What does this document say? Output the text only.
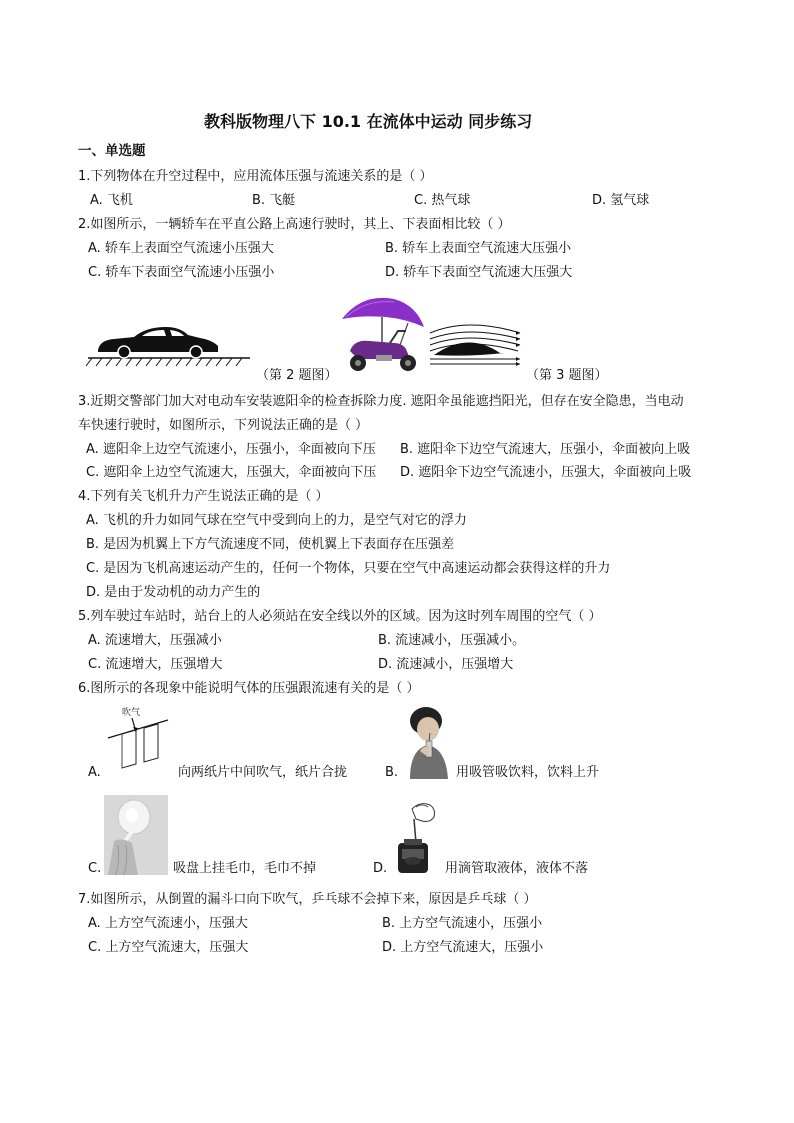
教科版物理八下 10.1 在流体中运动 同步练习
一、单选题
1.下列物体在升空过程中，应用流体压强与流速关系的是（ ）
A. 飞机	B. 飞艇	C. 热气球	D. 氢气球
2.如图所示，一辆轿车在平直公路上高速行驶时，其上、下表面相比较（ ）
A. 轿车上表面空气流速小压强大	B. 轿车上表面空气流速大压强小
C. 轿车下表面空气流速小压强小	D. 轿车下表面空气流速大压强大
（第 2 题图）	（第 3 题图）
3.近期交警部门加大对电动车安装遮阳伞的检查拆除力度. 遮阳伞虽能遮挡阳光，但存在安全隐患，当电动
车快速行驶时，如图所示，下列说法正确的是（ ）
A. 遮阳伞上边空气流速小，压强小，伞面被向下压 B. 遮阳伞下边空气流速大，压强小，伞面被向上吸
C. 遮阳伞上边空气流速大，压强大，伞面被向下压 D. 遮阳伞下边空气流速小，压强大，伞面被向上吸
4.下列有关飞机升力产生说法正确的是（ ）
A. 飞机的升力如同气球在空气中受到向上的力，是空气对它的浮力
B. 是因为机翼上下方气流速度不同，使机翼上下表面存在压强差
C. 是因为飞机高速运动产生的，任何一个物体，只要在空气中高速运动都会获得这样的升力
D. 是由于发动机的动力产生的
5.列车驶过车站时，站台上的人必须站在安全线以外的区域。因为这时列车周围的空气（ ）
A. 流速增大，压强减小	B. 流速减小，压强减小。
C. 流速增大，压强增大	D. 流速减小，压强增大
6.图所示的各现象中能说明气体的压强跟流速有关的是（ ）
吹气
A.	向两纸片中间吹气，纸片合拢	B.	用吸管吸饮料，饮料上升
C.	吸盘上挂毛巾，毛巾不掉	D.	用滴管取液体，液体不落
7.如图所示，从倒置的漏斗口向下吹气，乒乓球不会掉下来，原因是乒乓球（ ）
A. 上方空气流速小，压强大	B. 上方空气流速小，压强小
C. 上方空气流速大，压强大	D. 上方空气流速大，压强小
